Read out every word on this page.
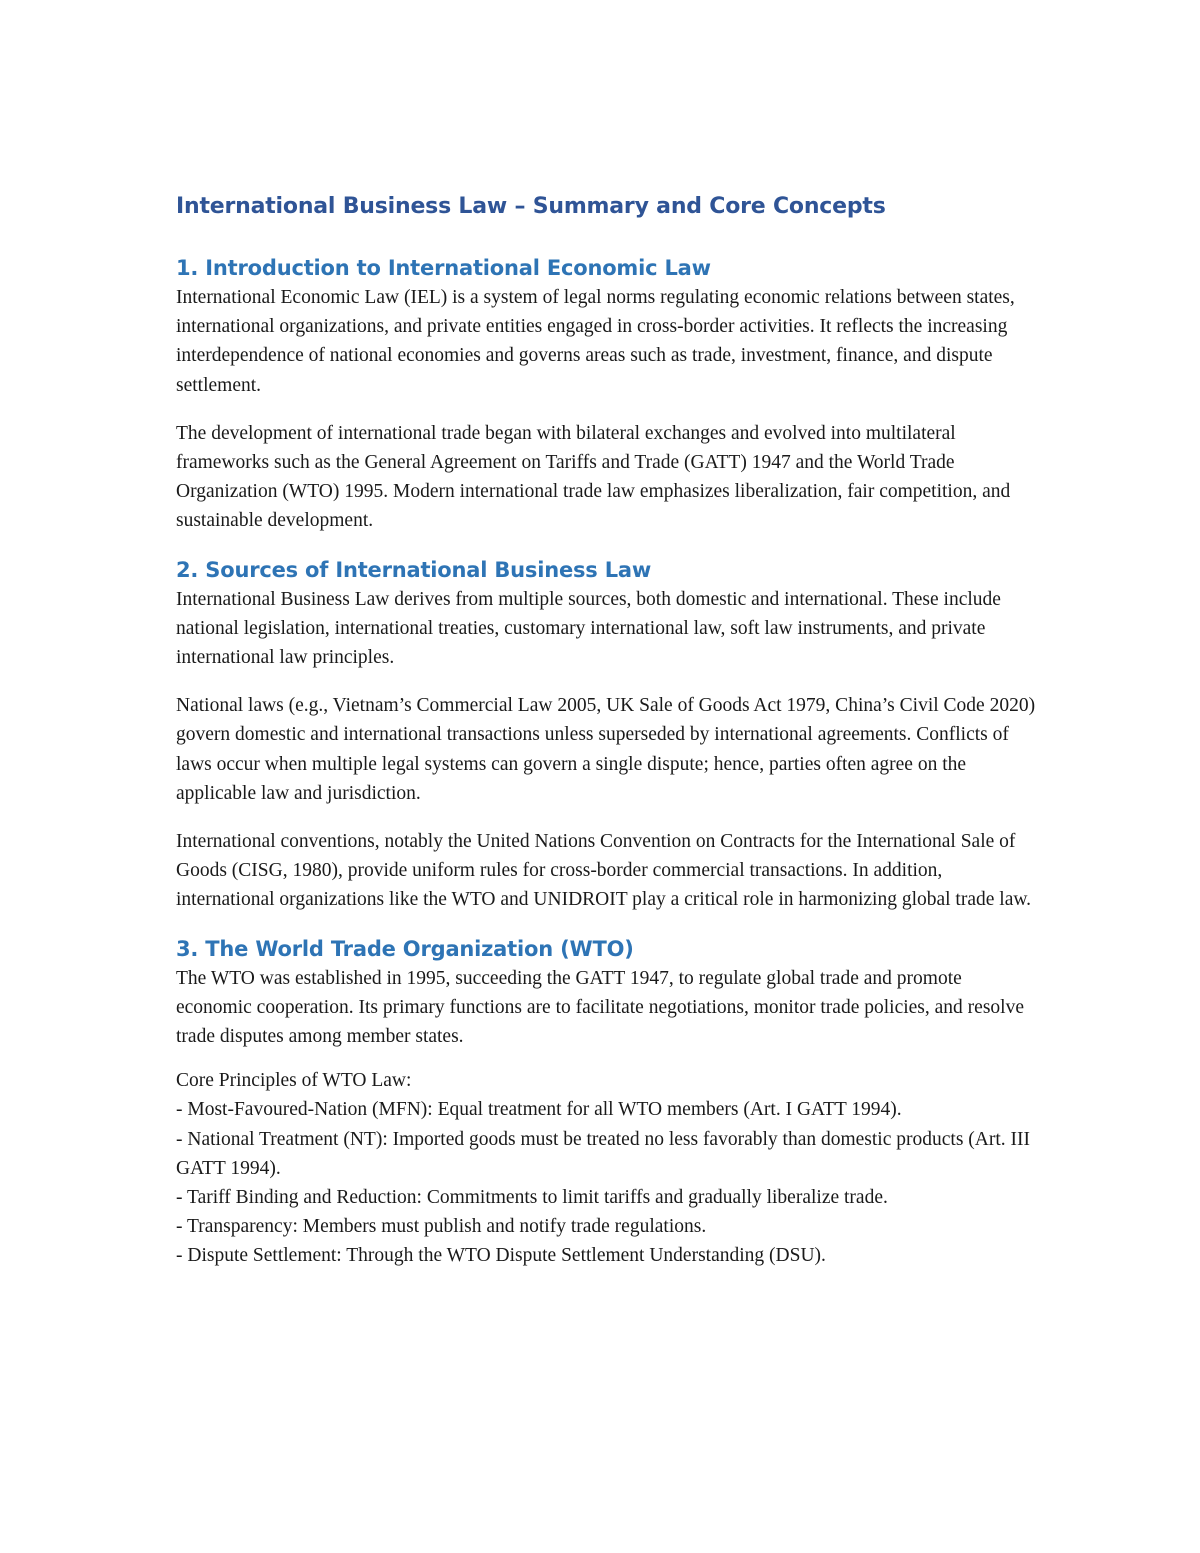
International Business Law – Summary and Core Concepts
1. Introduction to International Economic Law

International Economic Law (IEL) is a system of legal norms regulating economic relations between states, international organizations, and private entities engaged in cross-border activities. It reflects the increasing interdependence of national economies and governs areas such as trade, investment, finance, and dispute settlement.

The development of international trade began with bilateral exchanges and evolved into multilateral frameworks such as the General Agreement on Tariffs and Trade (GATT) 1947 and the World Trade Organization (WTO) 1995. Modern international trade law emphasizes liberalization, fair competition, and sustainable development.

2. Sources of International Business Law

International Business Law derives from multiple sources, both domestic and international. These include national legislation, international treaties, customary international law, soft law instruments, and private international law principles.

National laws (e.g., Vietnam’s Commercial Law 2005, UK Sale of Goods Act 1979, China’s Civil Code 2020) govern domestic and international transactions unless superseded by international agreements. Conflicts of laws occur when multiple legal systems can govern a single dispute; hence, parties often agree on the applicable law and jurisdiction.

International conventions, notably the United Nations Convention on Contracts for the International Sale of Goods (CISG, 1980), provide uniform rules for cross-border commercial transactions. In addition, international organizations like the WTO and UNIDROIT play a critical role in harmonizing global trade law.

3. The World Trade Organization (WTO)

The WTO was established in 1995, succeeding the GATT 1947, to regulate global trade and promote economic cooperation. Its primary functions are to facilitate negotiations, monitor trade policies, and resolve trade disputes among member states.

Core Principles of WTO Law:

- Most-Favoured-Nation (MFN): Equal treatment for all WTO members (Art. I GATT 1994).
- National Treatment (NT): Imported goods must be treated no less favorably than domestic products (Art. III GATT 1994).
- Tariff Binding and Reduction: Commitments to limit tariffs and gradually liberalize trade.
- Transparency: Members must publish and notify trade regulations.
- Dispute Settlement: Through the WTO Dispute Settlement Understanding (DSU).
